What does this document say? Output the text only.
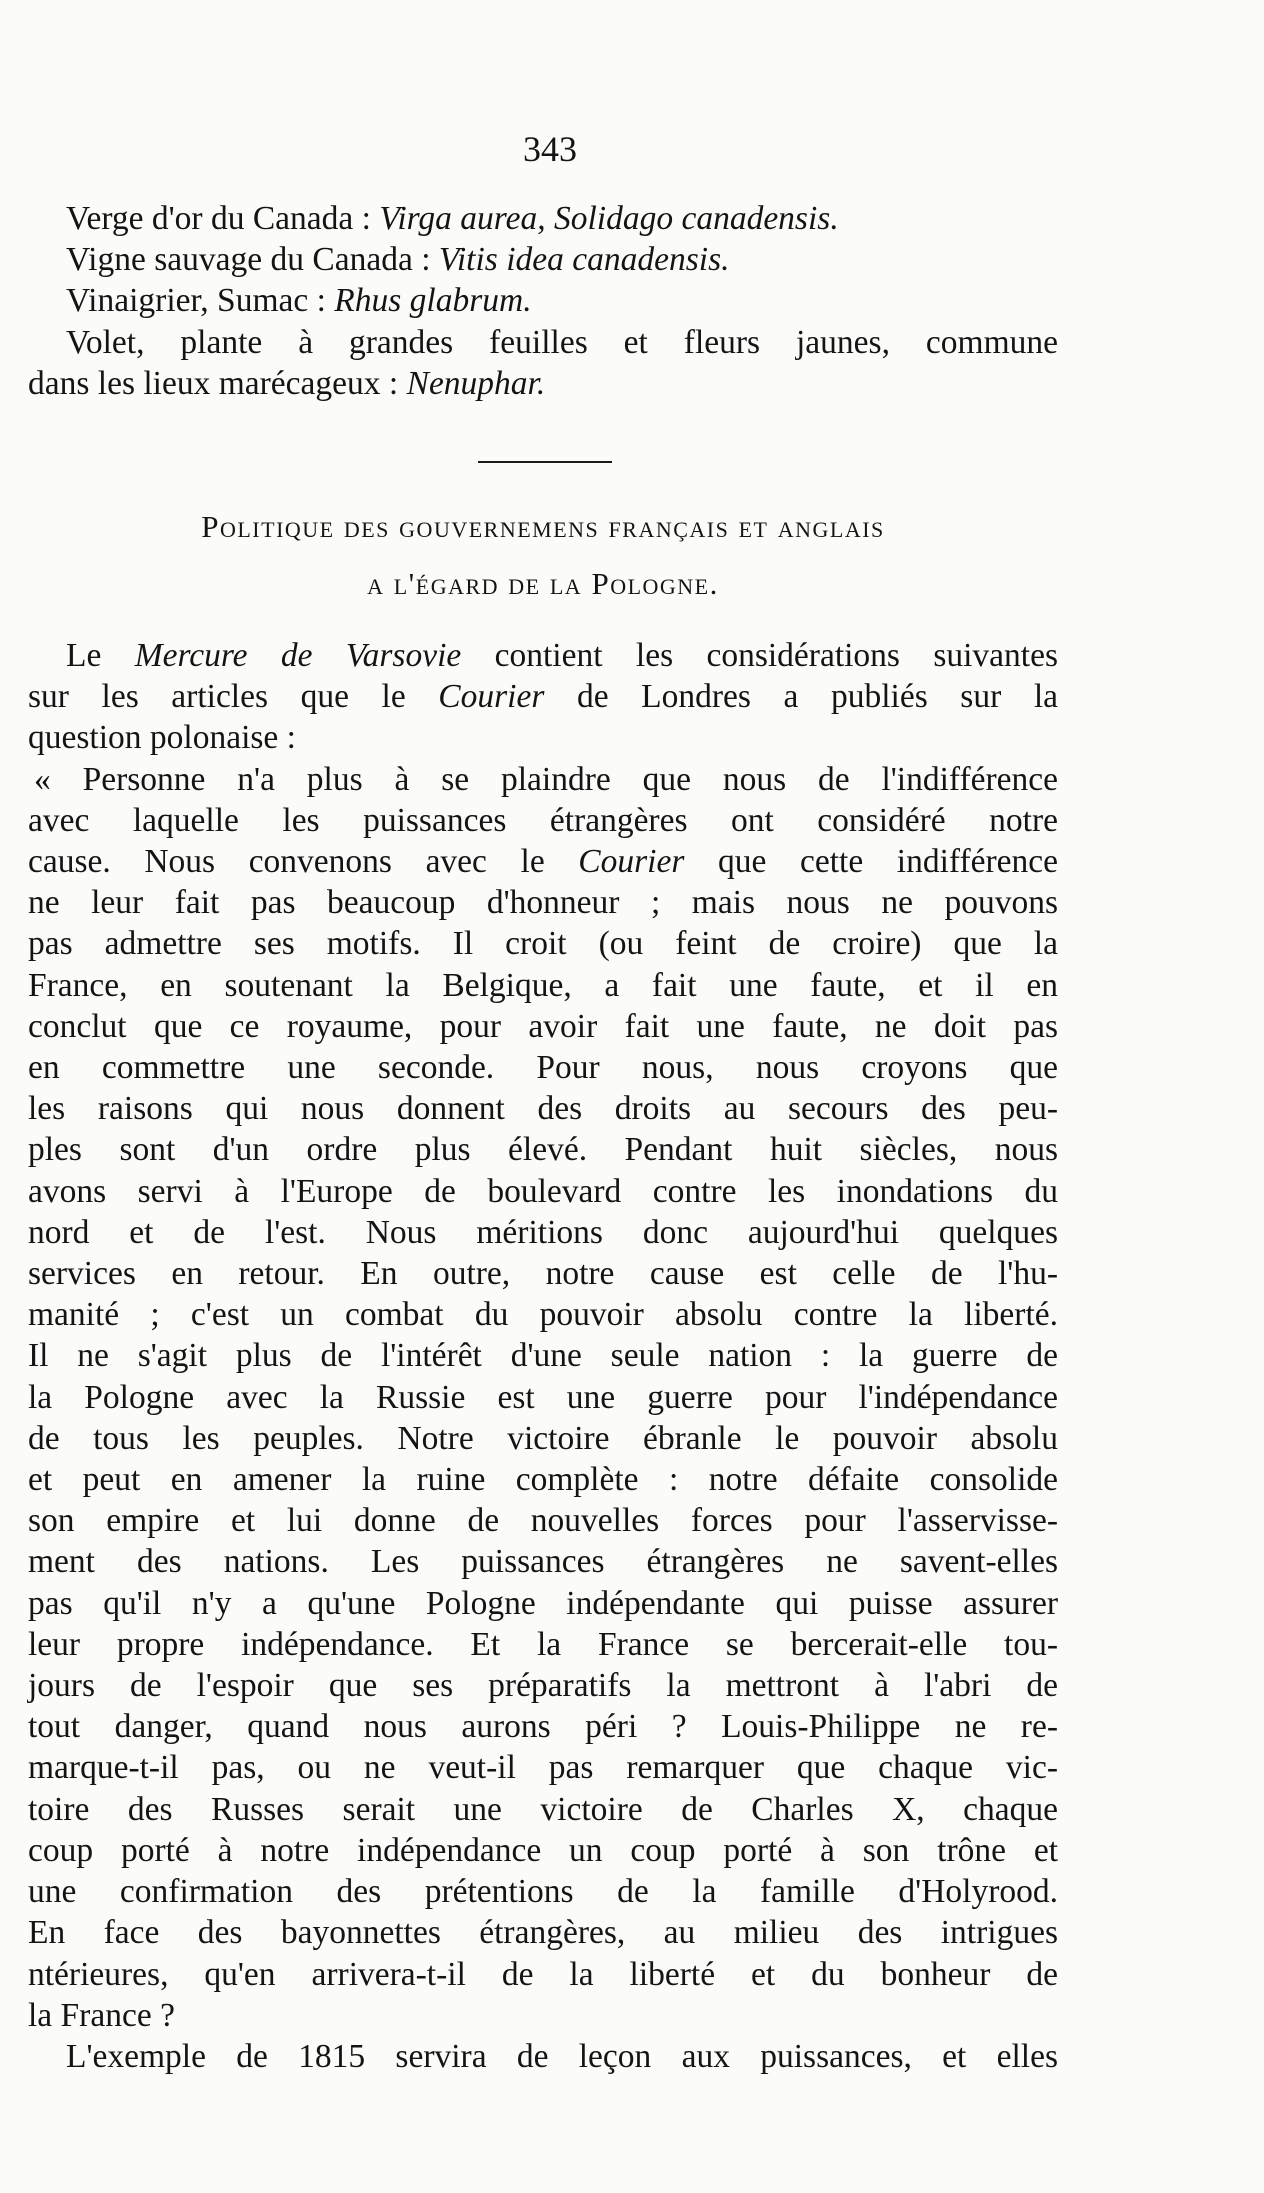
343
Verge d'or du Canada : Virga aurea, Solidago canadensis.
Vigne sauvage du Canada : Vitis idea canadensis.
Vinaigrier, Sumac : Rhus glabrum.
Volet, plante à grandes feuilles et fleurs jaunes, commune
dans les lieux marécageux : Nenuphar.
Politique des gouvernemens français et anglais
a l'égard de la Pologne.
Le Mercure de Varsovie contient les considérations suivantes
sur les articles que le Courier de Londres a publiés sur la
question polonaise :
« Personne n'a plus à se plaindre que nous de l'indifférence
avec laquelle les puissances étrangères ont considéré notre
cause. Nous convenons avec le Courier que cette indifférence
ne leur fait pas beaucoup d'honneur ; mais nous ne pouvons
pas admettre ses motifs. Il croit (ou feint de croire) que la
France, en soutenant la Belgique, a fait une faute, et il en
conclut que ce royaume, pour avoir fait une faute, ne doit pas
en commettre une seconde. Pour nous, nous croyons que
les raisons qui nous donnent des droits au secours des peu-
ples sont d'un ordre plus élevé. Pendant huit siècles, nous
avons servi à l'Europe de boulevard contre les inondations du
nord et de l'est. Nous méritions donc aujourd'hui quelques
services en retour. En outre, notre cause est celle de l'hu-
manité ; c'est un combat du pouvoir absolu contre la liberté.
Il ne s'agit plus de l'intérêt d'une seule nation : la guerre de
la Pologne avec la Russie est une guerre pour l'indépendance
de tous les peuples. Notre victoire ébranle le pouvoir absolu
et peut en amener la ruine complète : notre défaite consolide
son empire et lui donne de nouvelles forces pour l'asservisse-
ment des nations. Les puissances étrangères ne savent-elles
pas qu'il n'y a qu'une Pologne indépendante qui puisse assurer
leur propre indépendance. Et la France se bercerait-elle tou-
jours de l'espoir que ses préparatifs la mettront à l'abri de
tout danger, quand nous aurons péri ? Louis-Philippe ne re-
marque-t-il pas, ou ne veut-il pas remarquer que chaque vic-
toire des Russes serait une victoire de Charles X, chaque
coup porté à notre indépendance un coup porté à son trône et
une confirmation des prétentions de la famille d'Holyrood.
En face des bayonnettes étrangères, au milieu des intrigues
ntérieures, qu'en arrivera-t-il de la liberté et du bonheur de
la France ?
L'exemple de 1815 servira de leçon aux puissances, et elles
